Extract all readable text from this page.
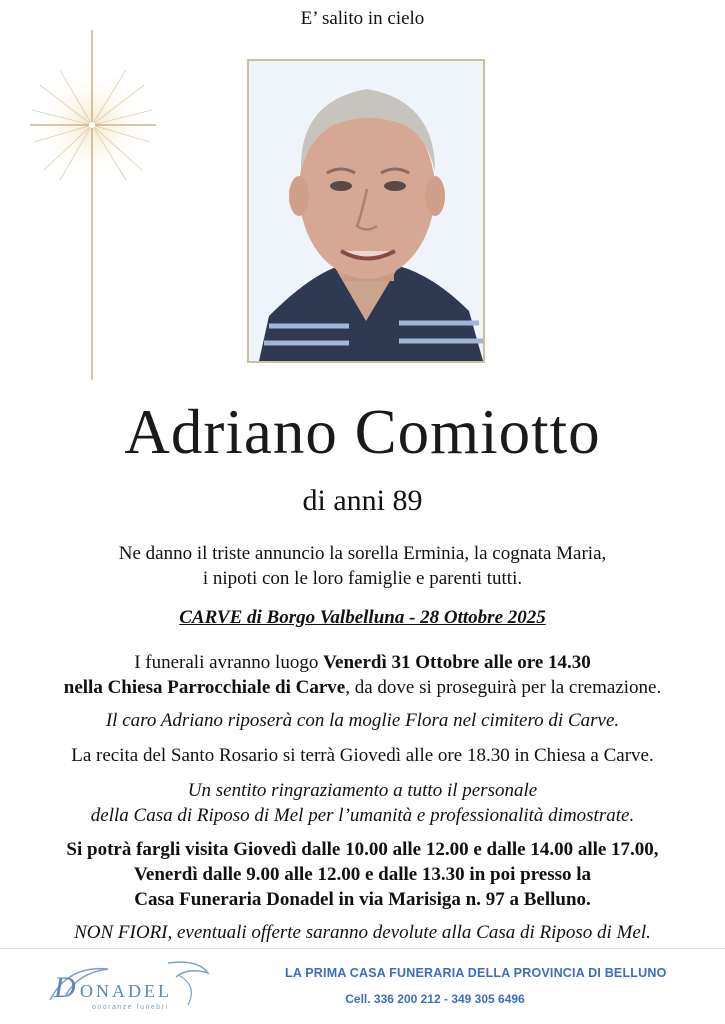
E’ salito in cielo
Adriano Comiotto
di anni 89
Ne danno il triste annuncio la sorella Erminia, la cognata Maria,
i nipoti con le loro famiglie e parenti tutti.
CARVE di Borgo Valbelluna - 28 Ottobre 2025
I funerali avranno luogo Venerdì 31 Ottobre alle ore 14.30
nella Chiesa Parrocchiale di Carve, da dove si proseguirà per la cremazione.
Il caro Adriano riposerà con la moglie Flora nel cimitero di Carve.
La recita del Santo Rosario si terrà Giovedì alle ore 18.30 in Chiesa a Carve.
Un sentito ringraziamento a tutto il personale
della Casa di Riposo di Mel per l’umanità e professionalità dimostrate.
Si potrà fargli visita Giovedì dalle 10.00 alle 12.00 e dalle 14.00 alle 17.00,
Venerdì dalle 9.00 alle 12.00 e dalle 13.30 in poi presso la
Casa Funeraria Donadel in via Marisiga n. 97 a Belluno.
NON FIORI, eventuali offerte saranno devolute alla Casa di Riposo di Mel.
D ONADEL
onoranze funebri
LA PRIMA CASA FUNERARIA DELLA PROVINCIA DI BELLUNO
Cell. 336 200 212 - 349 305 6496
